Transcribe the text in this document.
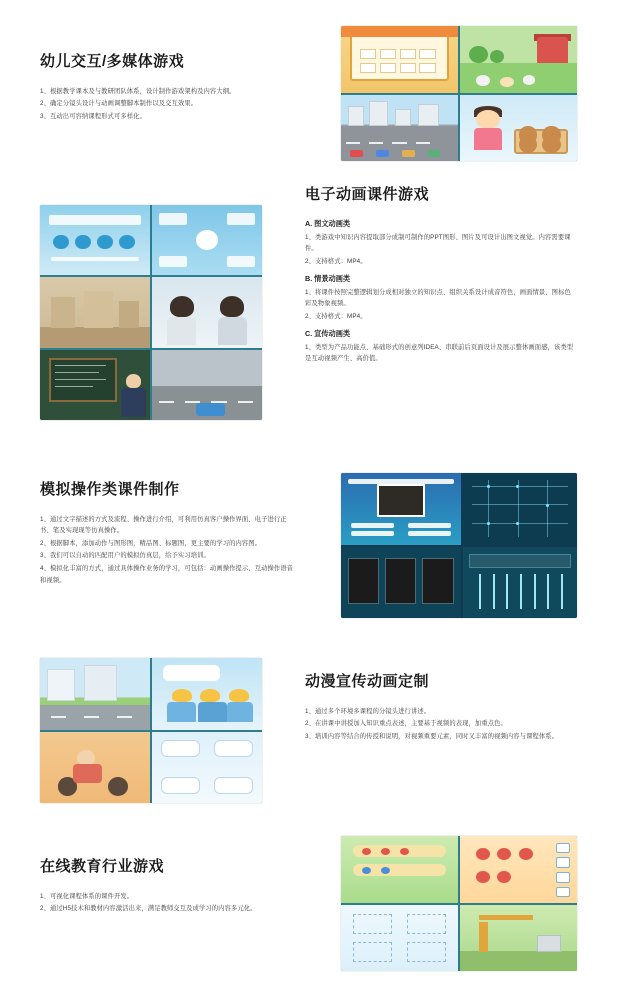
幼儿交互/多媒体游戏
1、根据教学课本及与教研团队体系，设计制作游戏架构及内容大纲。
2、确定分镜头设计与动画调整脚本制作以及交互效果。
3、互动出可容纳课程形式可多样化。
电子动画课件游戏
A. 图文动画类
1、类游戏中知识内容提取部分成制可制作的PPT图形、图片及可设计出图文视觉。内容需要课件。
2、支持格式：MP4。
B. 情景动画类
1、将课件按照完整逻辑划分成相对独立的知识点、组织关系设计成音符色，画面情景、图标色彩及物象视频。
2、支持格式：MP4。
C. 宣传动画类
1、类型为产品功能点、基础形式的创意列IDEA、串联前后页面设计及展示整体画面感，该类型是互动视频产生、高价值。
模拟操作类课件制作
1、通过文字描述的方式及流程、操作进行介绍，可利用仿真客户操作界面、电子进行正书、笔及实现现等仿真操作。
2、根据脚本，添加动作与图形图，精品图、标题图，更主要的学习的内容图。
3、我们可以自动的匹配用户的模拟仿真层，给予实习培训。
4、模拟化丰富的方式，通过具体操作业务的学习，可包括：动画操作提示、互动操作语音和视频。
动漫宣传动画定制
1、通过多个环境多课程的分镜头进行讲述。
2、在讲课中讲授加入知识重点表述，主要基于视频的表现，加重点色。
3、培训内容等结合的传授和说明，对视频重要元素，同时又丰富的视频内容与课程体系。
在线教育行业游戏
1、可视化课程体系的课件开发。
2、通过H5技术和教材内容激活出来，满足教师交互及成学习的内容多元化。
